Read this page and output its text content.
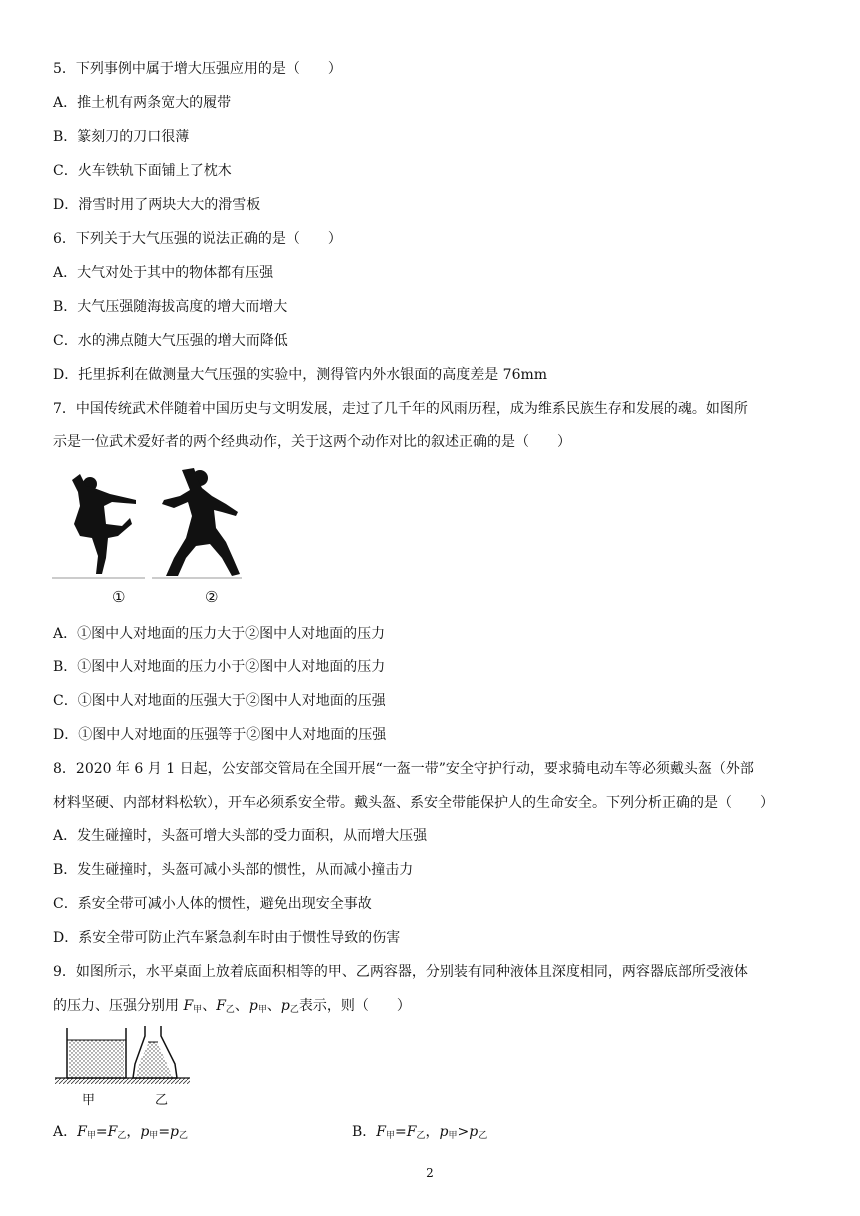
5．下列事例中属于增大压强应用的是（　　）
A．推土机有两条宽大的履带
B．篆刻刀的刀口很薄
C．火车铁轨下面铺上了枕木
D．滑雪时用了两块大大的滑雪板
6．下列关于大气压强的说法正确的是（　　）
A．大气对处于其中的物体都有压强
B．大气压强随海拔高度的增大而增大
C．水的沸点随大气压强的增大而降低
D．托里拆利在做测量大气压强的实验中，测得管内外水银面的高度差是 76mm
7．中国传统武术伴随着中国历史与文明发展，走过了几千年的风雨历程，成为维系民族生存和发展的魂。如图所
示是一位武术爱好者的两个经典动作，关于这两个动作对比的叙述正确的是（　　）
①	②
A．①图中人对地面的压力大于②图中人对地面的压力
B．①图中人对地面的压力小于②图中人对地面的压力
C．①图中人对地面的压强大于②图中人对地面的压强
D．①图中人对地面的压强等于②图中人对地面的压强
8．2020 年 6 月 1 日起，公安部交管局在全国开展“一盔一带”安全守护行动，要求骑电动车等必须戴头盔（外部
材料坚硬、内部材料松软），开车必须系安全带。戴头盔、系安全带能保护人的生命安全。下列分析正确的是（　　）
A．发生碰撞时，头盔可增大头部的受力面积，从而增大压强
B．发生碰撞时，头盔可减小头部的惯性，从而减小撞击力
C．系安全带可减小人体的惯性，避免出现安全事故
D．系安全带可防止汽车紧急刹车时由于惯性导致的伤害
9．如图所示，水平桌面上放着底面积相等的甲、乙两容器，分别装有同种液体且深度相同，两容器底部所受液体
的压力、压强分别用 $F_甲$、$F_乙$、$p_甲$、$p_乙$表示，则（　　）
甲	乙
A．$F_甲=F_乙$，$p_甲=p_乙$	B．$F_甲=F_乙$，$p_甲>p_乙$
2
